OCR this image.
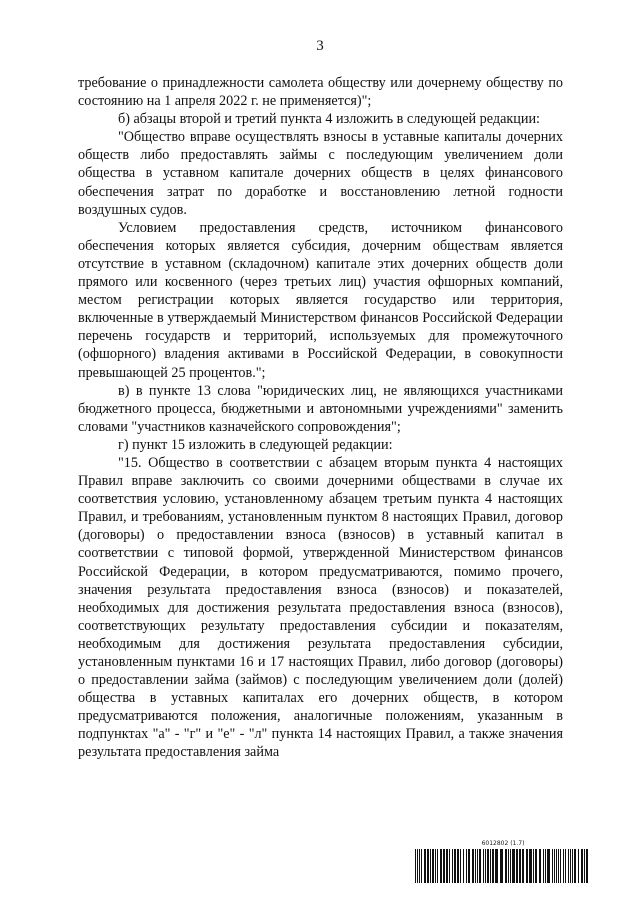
3

требование о принадлежности самолета обществу или дочернему обществу по состоянию на 1 апреля 2022 г. не применяется)";

б) абзацы второй и третий пункта 4 изложить в следующей редакции:

"Общество вправе осуществлять взносы в уставные капиталы дочерних обществ либо предоставлять займы с последующим увеличением доли общества в уставном капитале дочерних обществ в целях финансового обеспечения затрат по доработке и восстановлению летной годности воздушных судов.

Условием предоставления средств, источником финансового обеспечения которых является субсидия, дочерним обществам является отсутствие в уставном (складочном) капитале этих дочерних обществ доли прямого или косвенного (через третьих лиц) участия офшорных компаний, местом регистрации которых является государство или территория, включенные в утверждаемый Министерством финансов Российской Федерации перечень государств и территорий, используемых для промежуточного (офшорного) владения активами в Российской Федерации, в совокупности превышающей 25 процентов.";

в) в пункте 13 слова "юридических лиц, не являющихся участниками бюджетного процесса, бюджетными и автономными учреждениями" заменить словами "участников казначейского сопровождения";

г) пункт 15 изложить в следующей редакции:

"15. Общество в соответствии с абзацем вторым пункта 4 настоящих Правил вправе заключить со своими дочерними обществами в случае их соответствия условию, установленному абзацем третьим пункта 4 настоящих Правил, и требованиям, установленным пунктом 8 настоящих Правил, договор (договоры) о предоставлении взноса (взносов) в уставный капитал в соответствии с типовой формой, утвержденной Министерством финансов Российской Федерации, в котором предусматриваются, помимо прочего, значения результата предоставления взноса (взносов) и показателей, необходимых для достижения результата предоставления взноса (взносов), соответствующих результату предоставления субсидии и показателям, необходимым для достижения результата предоставления субсидии, установленным пунктами 16 и 17 настоящих Правил, либо договор (договоры) о предоставлении займа (займов) с последующим увеличением доли (долей) общества в уставных капиталах его дочерних обществ, в котором предусматриваются положения, аналогичные положениям, указанным в подпунктах "а" - "г" и "е" - "л" пункта 14 настоящих Правил, а также значения результата предоставления займа

6012802 (1.7)
